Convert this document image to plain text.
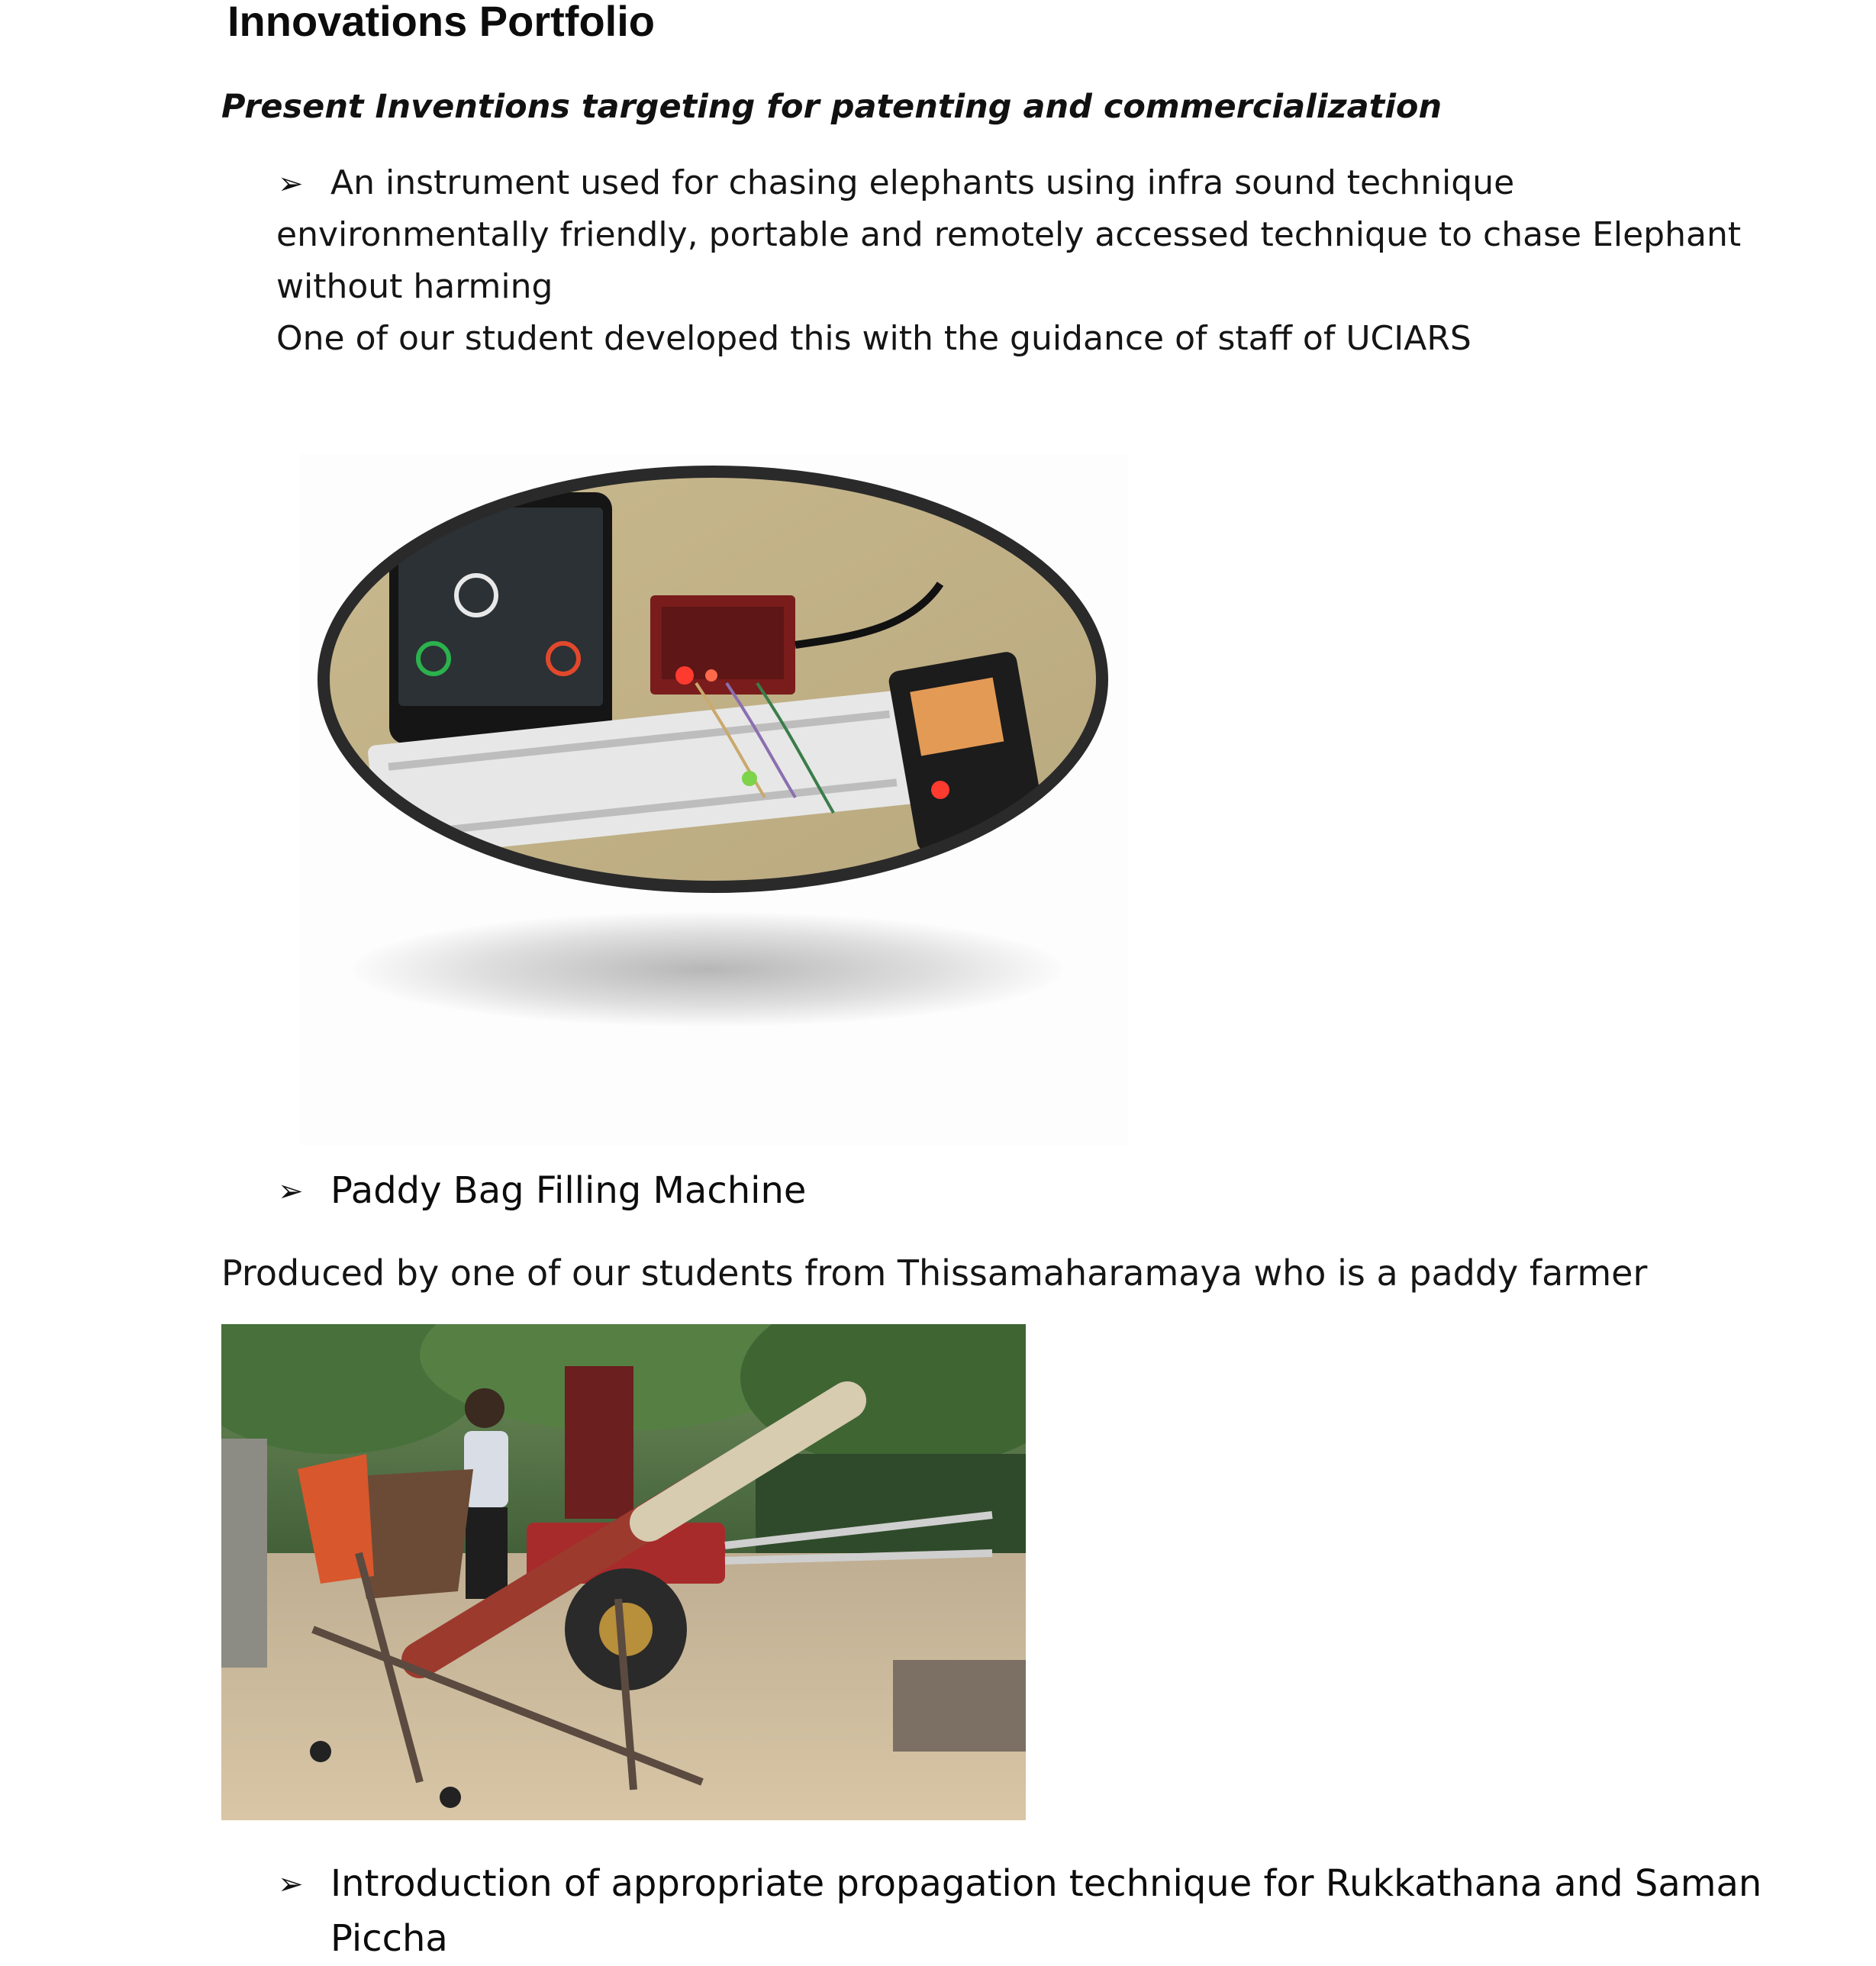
Innovations Portfolio
Present Inventions targeting for patenting and commercialization
➢ An instrument used for chasing elephants using infra sound technique
environmentally friendly, portable and remotely accessed technique to chase Elephant
without harming
One of our student developed this with the guidance of staff of UCIARS
➢ Paddy Bag Filling Machine
Produced by one of our students from Thissamaharamaya who is a paddy farmer
➢ Introduction of appropriate propagation technique for Rukkathana and Saman
Piccha
